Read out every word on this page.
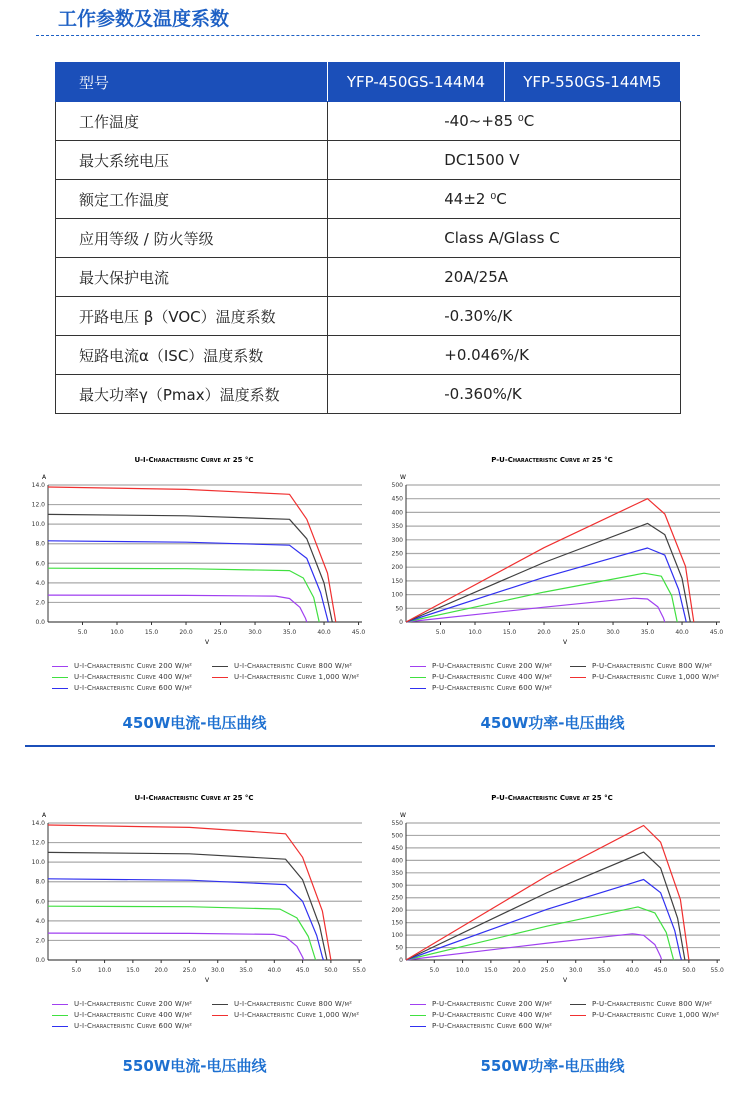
工作参数及温度系数
型号	YFP-450GS-144M4	YFP-550GS-144M5
工作温度	-40~+85 ⁰C	
最大系统电压	DC1500 V	
额定工作温度	44±2 ⁰C	
应用等级 / 防火等级	Class A/Glass C	
最大保护电流	20A/25A	
开路电压 β（VOC）温度系数	-0.30%/K	
短路电流α（ISC）温度系数	+0.046%/K	
最大功率γ（Pmax）温度系数	-0.360%/K	
U-I-Characteristic Curve at 25 °C
A
V
0.0
2.0
4.0
6.0
8.0
10.0
12.0
14.0
5.0	10.0	15.0	20.0	25.0	30.0	35.0	40.0	45.0
U-I-Characteristic Curve 200 W/m²
U-I-Characteristic Curve 400 W/m²
U-I-Characteristic Curve 600 W/m²
U-I-Characteristic Curve 800 W/m²
U-I-Characteristic Curve 1,000 W/m²
P-U-Characteristic Curve at 25 °C
W
V
0
50
100
150
200
250
300
350
400
450
500
5.0	10.0	15.0	20.0	25.0	30.0	35.0	40.0	45.0
P-U-Characteristic Curve 200 W/m²
P-U-Characteristic Curve 400 W/m²
P-U-Characteristic Curve 600 W/m²
P-U-Characteristic Curve 800 W/m²
P-U-Characteristic Curve 1,000 W/m²
450W电流-电压曲线	450W功率-电压曲线
U-I-Characteristic Curve at 25 °C
A
V
0.0
2.0
4.0
6.0
8.0
10.0
12.0
14.0
5.0	10.0 15.0 20.0 25.0 30.0 35.0 40.0 45.0 50.0 55.0
U-I-Characteristic Curve 200 W/m²
U-I-Characteristic Curve 400 W/m²
U-I-Characteristic Curve 600 W/m²
U-I-Characteristic Curve 800 W/m²
U-I-Characteristic Curve 1,000 W/m²
P-U-Characteristic Curve at 25 °C
W
V
0
50
100
150
200
250
300
350
400
450
500
550
5.0	10.0 15.0 20.0 25.0 30.0 35.0 40.0 45.0 50.0 55.0
P-U-Characteristic Curve 200 W/m²
P-U-Characteristic Curve 400 W/m²
P-U-Characteristic Curve 600 W/m²
P-U-Characteristic Curve 800 W/m²
P-U-Characteristic Curve 1,000 W/m²
550W电流-电压曲线	550W功率-电压曲线
